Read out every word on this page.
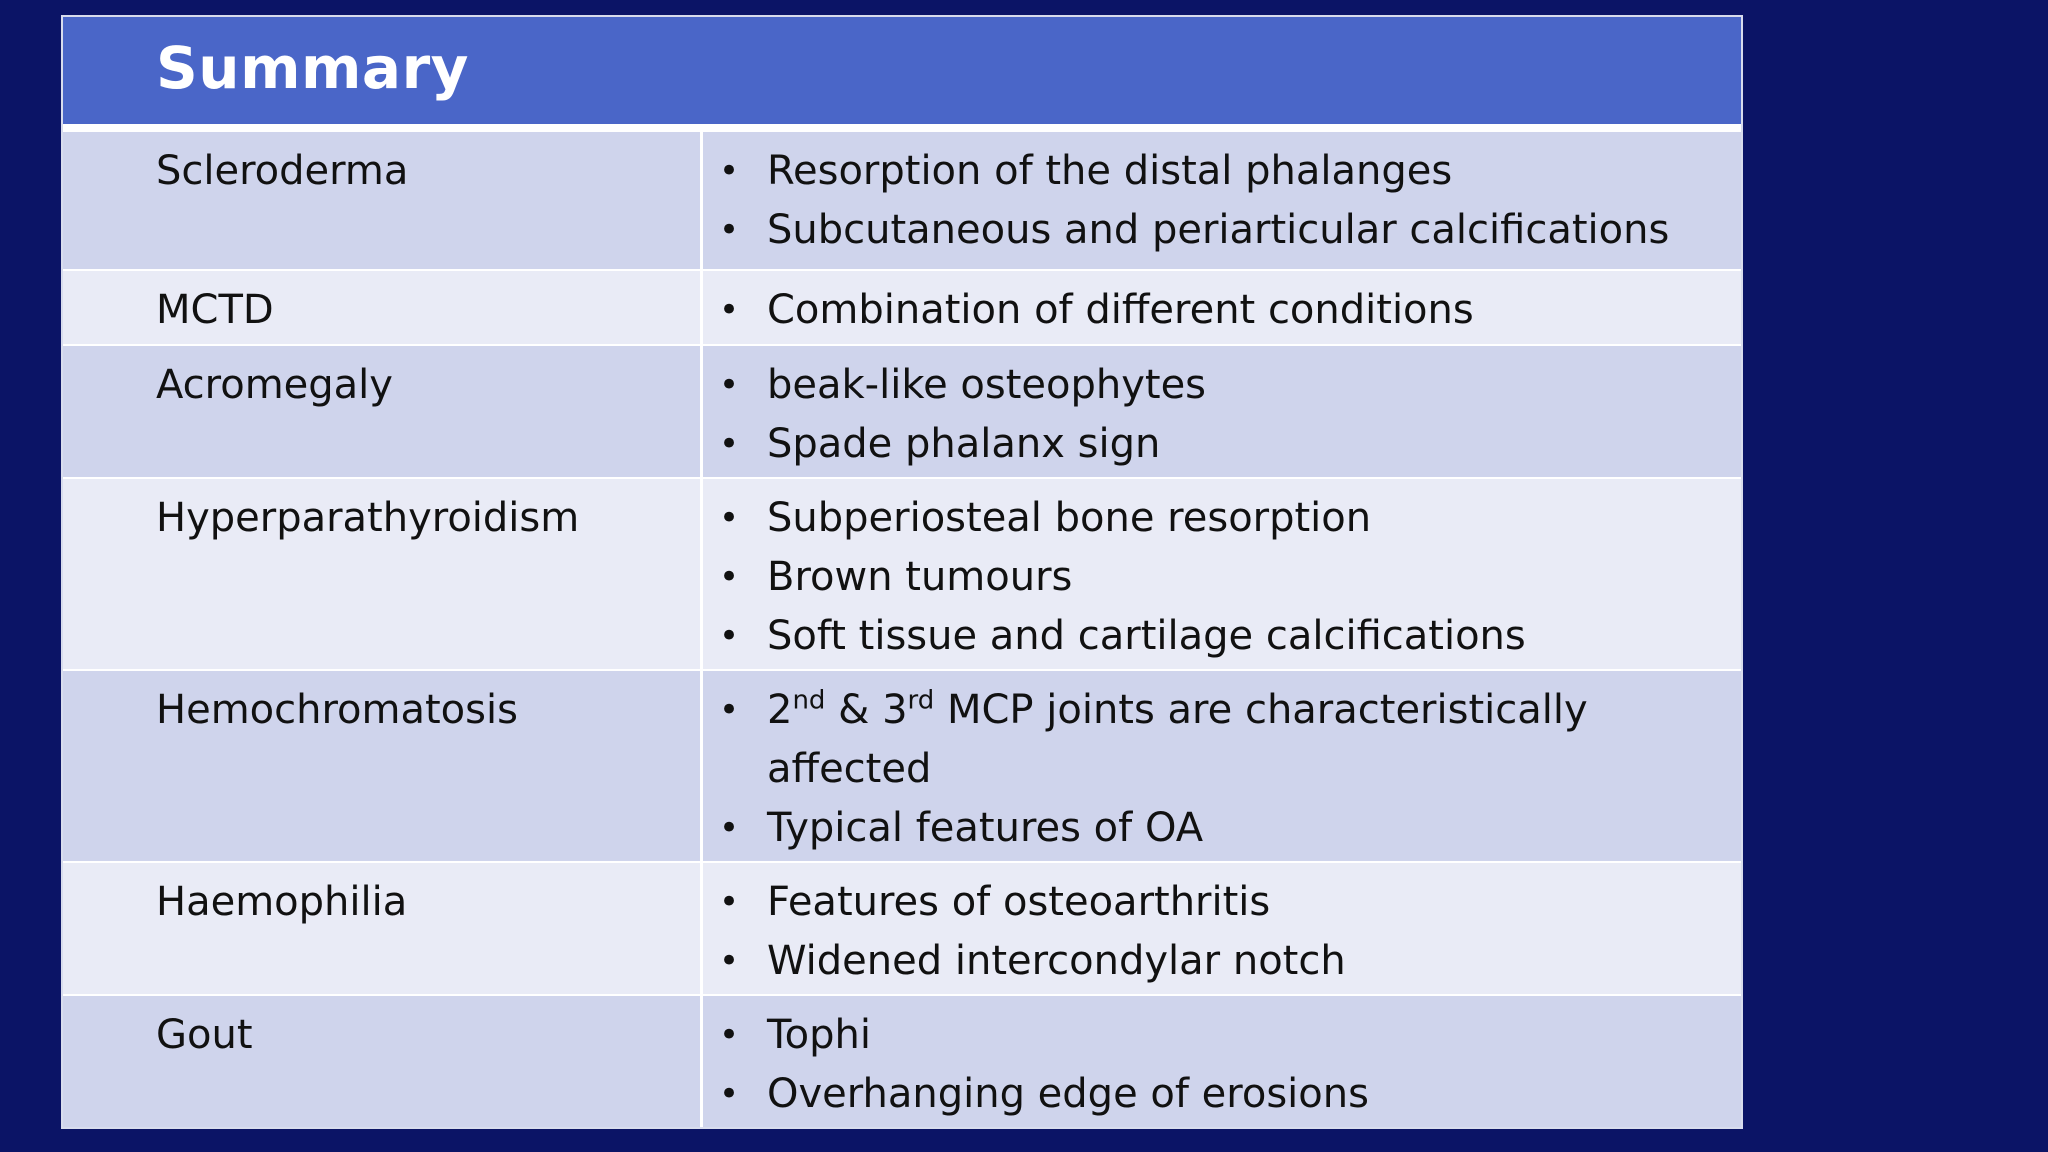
Summary
Scleroderma	• Resorption of the distal phalanges
• Subcutaneous and periarticular calcifications
MCTD	• Combination of different conditions
Acromegaly	• beak-like osteophytes
• Spade phalanx sign
Hyperparathyroidism	• Subperiosteal bone resorption
• Brown tumours
• Soft tissue and cartilage calcifications
Hemochromatosis	• 2nd & 3rd MCP joints are characteristically affected
• Typical features of OA
Haemophilia	• Features of osteoarthritis
• Widened intercondylar notch
Gout	• Tophi
• Overhanging edge of erosions
